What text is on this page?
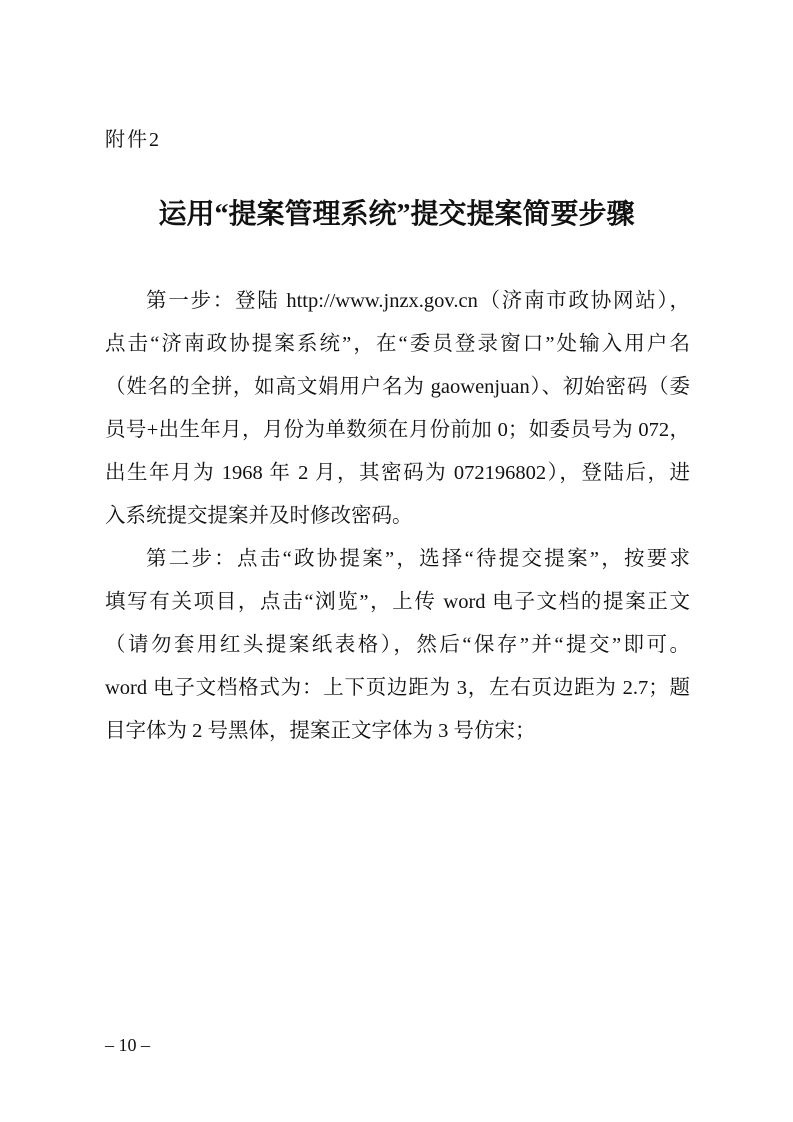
附件2
运用“提案管理系统”提交提案简要步骤
第一步：登陆 http://www.jnzx.gov.cn（济南市政协网站），
点击“济南政协提案系统”，在“委员登录窗口”处输入用户名
（姓名的全拼，如高文娟用户名为 gaowenjuan）、初始密码（委
员号+出生年月，月份为单数须在月份前加 0；如委员号为 072，
出生年月为 1968 年 2 月，其密码为 072196802），登陆后，进
入系统提交提案并及时修改密码。
第二步：点击“政协提案”，选择“待提交提案”，按要求
填写有关项目，点击“浏览”，上传 word 电子文档的提案正文
（请勿套用红头提案纸表格），然后“保存”并“提交”即可。
word 电子文档格式为：上下页边距为 3，左右页边距为 2.7；题
目字体为 2 号黑体，提案正文字体为 3 号仿宋；
– 10 –
